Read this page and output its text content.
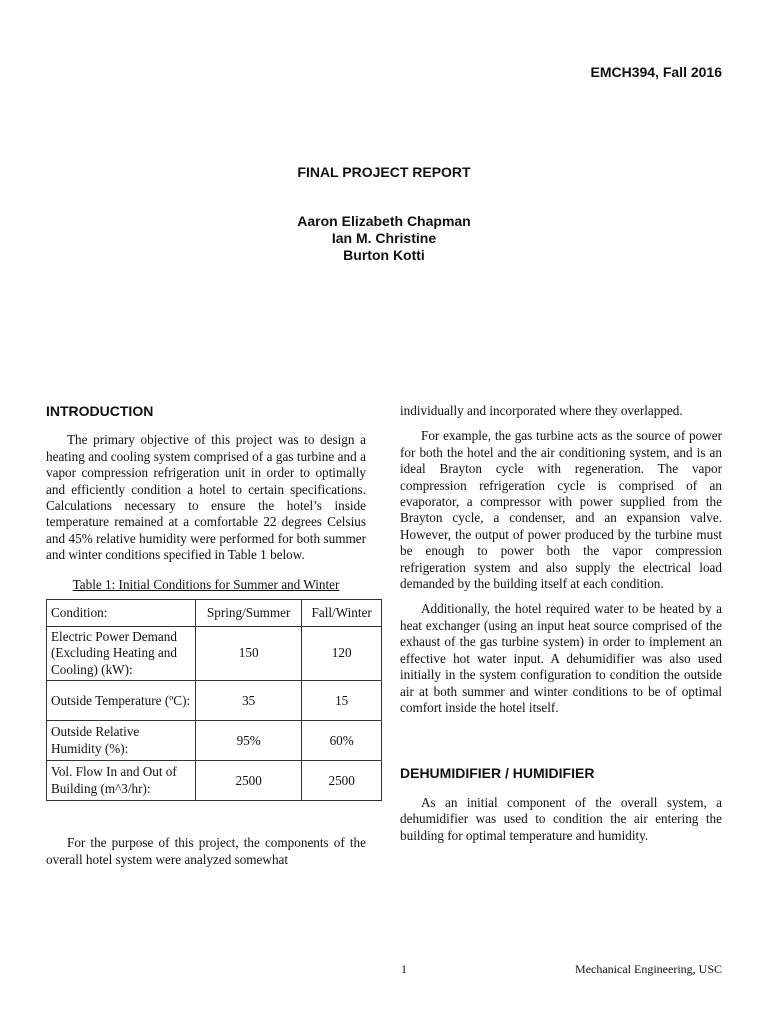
EMCH394, Fall 2016
FINAL PROJECT REPORT
Aaron Elizabeth Chapman
Ian M. Christine
Burton Kotti
INTRODUCTION

The primary objective of this project was to design a heating and cooling system comprised of a gas turbine and a vapor compression refrigeration unit in order to optimally and efficiently condition a hotel to certain specifications. Calculations necessary to ensure the hotel’s inside temperature remained at a comfortable 22 degrees Celsius and 45% relative humidity were performed for both summer and winter conditions specified in Table 1 below.

Table 1: Initial Conditions for Summer and Winter
Condition:	Spring/Summer	Fall/Winter
Electric Power Demand (Excluding Heating and Cooling) (kW):	150	120
Outside Temperature (ºC):	35	15
Outside Relative Humidity (%):	95%	60%
Vol. Flow In and Out of Building (m^3/hr):	2500	2500

For the purpose of this project, the components of the overall hotel system were analyzed somewhat

individually and incorporated where they overlapped.

For example, the gas turbine acts as the source of power for both the hotel and the air conditioning system, and is an ideal Brayton cycle with regeneration. The vapor compression refrigeration cycle is comprised of an evaporator, a compressor with power supplied from the Brayton cycle, a condenser, and an expansion valve. However, the output of power produced by the turbine must be enough to power both the vapor compression refrigeration system and also supply the electrical load demanded by the building itself at each condition.

Additionally, the hotel required water to be heated by a heat exchanger (using an input heat source comprised of the exhaust of the gas turbine system) in order to implement an effective hot water input. A dehumidifier was also used initially in the system configuration to condition the outside air at both summer and winter conditions to be of optimal comfort inside the hotel itself.

DEHUMIDIFIER / HUMIDIFIER

As an initial component of the overall system, a dehumidifier was used to condition the air entering the building for optimal temperature and humidity.

1	Mechanical Engineering, USC
